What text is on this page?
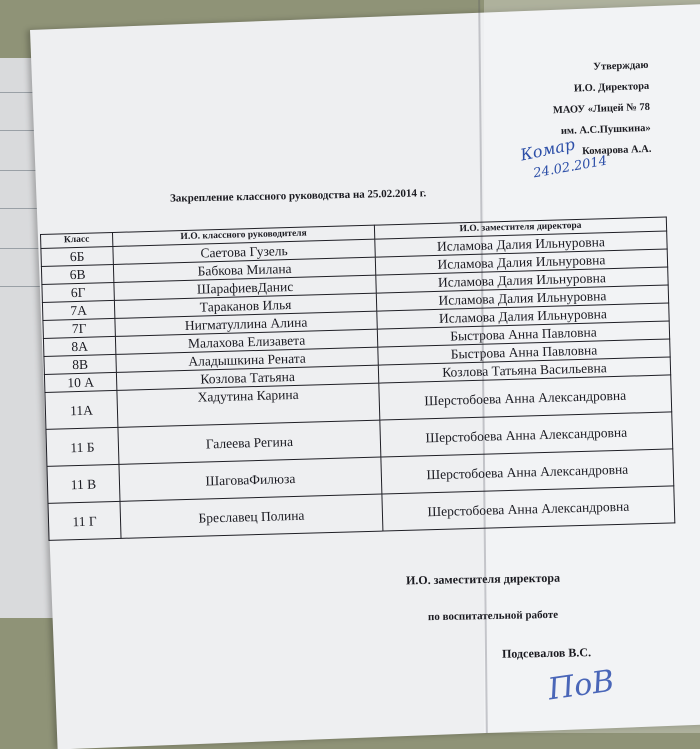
Утверждаю
И.О. Директора
МАОУ «Лицей № 78
им. А.С.Пушкина»
Комарова А.А.
Комар
24.02.2014
Закрепление классного руководства на 25.02.2014 г.
Класс	И.О. классного руководителя	И.О. заместителя директора
6Б	Саетова Гузель	Исламова Далия Ильнуровна
6В	Бабкова Милана	Исламова Далия Ильнуровна
6Г	ШарафиевДанис	Исламова Далия Ильнуровна
7А	Тараканов Илья	Исламова Далия Ильнуровна
7Г	Нигматуллина Алина	Исламова Далия Ильнуровна
8А	Малахова Елизавета	Быстрова Анна Павловна
8В	Аладышкина Рената	Быстрова Анна Павловна
10 А	Козлова Татьяна	Козлова Татьяна Васильевна
11А	Хадутина Карина	Шерстобоева Анна Александровна
11 Б	Галеева Регина	Шерстобоева Анна Александровна
11 В	ШаговаФилюза	Шерстобоева Анна Александровна
11 Г	Бреславец Полина	Шерстобоева Анна Александровна
И.О. заместителя директора
по воспитательной работе
Подсевалов В.С.
ПоВ
